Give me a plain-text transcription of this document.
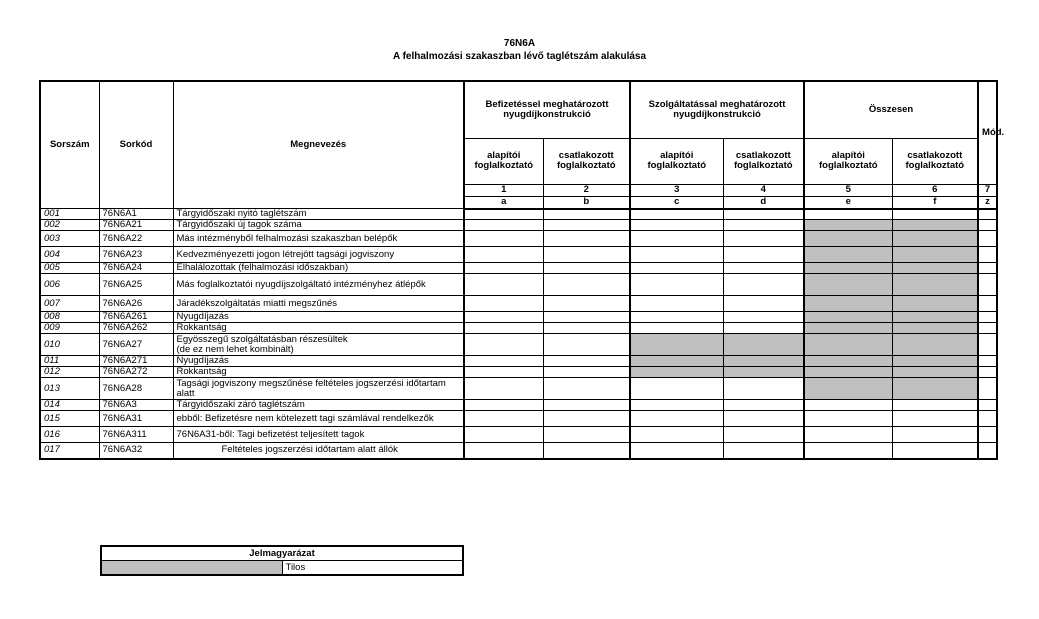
76N6A
A felhalmozási szakaszban lévő taglétszám alakulása
Sorszám	Sorkód	Megnevezés	Befizetéssel meghatározott nyugdíjkonstrukció		Szolgáltatással meghatározott nyugdíjkonstrukció		Összesen		Mód.
			alapítói foglalkoztató	csatlakozott foglalkoztató	alapítói foglalkoztató	csatlakozott foglalkoztató	alapítói foglalkoztató	csatlakozott foglalkoztató	
			1	2	3	4	5	6	7
			a	b	c	d	e	f	z
001	76N6A1	Tárgyidőszaki nyitó taglétszám							
002	76N6A21	Tárgyidőszaki új tagok száma							
003	76N6A22	Más intézményből felhalmozási szakaszban belépők							
004	76N6A23	Kedvezményezetti jogon létrejött tagsági jogviszony							
005	76N6A24	Elhalálozottak (felhalmozási időszakban)							
006	76N6A25	Más foglalkoztatói nyugdíjszolgáltató intézményhez átlépők							
007	76N6A26	Járadékszolgáltatás miatti megszűnés							
008	76N6A261	Nyugdíjazás							
009	76N6A262	Rokkantság							
010	76N6A27	Egyösszegű szolgáltatásban részesültek
(de ez nem lehet kombinált)							
011	76N6A271	Nyugdíjazás							
012	76N6A272	Rokkantság							
013	76N6A28	Tagsági jogviszony megszűnése feltételes jogszerzési időtartam alatt							
014	76N6A3	Tárgyidőszaki záró taglétszám							
015	76N6A31	ebből: Befizetésre nem kötelezett tagi számlával rendelkezők							
016	76N6A311	76N6A31-ből: Tagi befizetést teljesített tagok							
017	76N6A32	Feltételes jogszerzési időtartam alatt állók							
Jelmagyarázat
	Tilos
